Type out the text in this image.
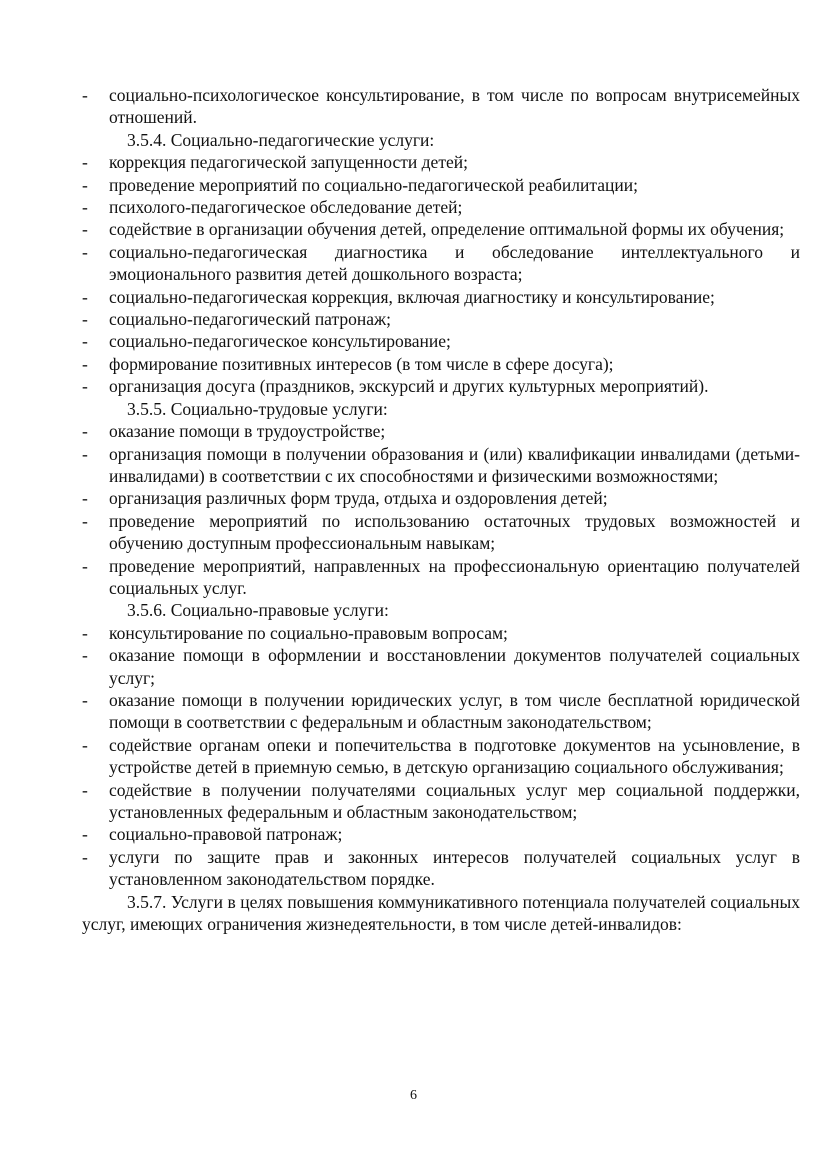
- социально-психологическое консультирование, в том числе по вопросам внутрисемейных отношений.
3.5.4. Социально-педагогические услуги:
- коррекция педагогической запущенности детей;
- проведение мероприятий по социально-педагогической реабилитации;
- психолого-педагогическое обследование детей;
- содействие в организации обучения детей, определение оптимальной формы их обучения;
- социально-педагогическая диагностика и обследование интеллектуального и эмоционального развития детей дошкольного возраста;
- социально-педагогическая коррекция, включая диагностику и консультирование;
- социально-педагогический патронаж;
- социально-педагогическое консультирование;
- формирование позитивных интересов (в том числе в сфере досуга);
- организация досуга (праздников, экскурсий и других культурных мероприятий).
3.5.5. Социально-трудовые услуги:
- оказание помощи в трудоустройстве;
- организация помощи в получении образования и (или) квалификации инвалидами (детьми-инвалидами) в соответствии с их способностями и физическими возможностями;
- организация различных форм труда, отдыха и оздоровления детей;
- проведение мероприятий по использованию остаточных трудовых возможностей и обучению доступным профессиональным навыкам;
- проведение мероприятий, направленных на профессиональную ориентацию получателей социальных услуг.
3.5.6. Социально-правовые услуги:
- консультирование по социально-правовым вопросам;
- оказание помощи в оформлении и восстановлении документов получателей социальных услуг;
- оказание помощи в получении юридических услуг, в том числе бесплатной юридической помощи в соответствии с федеральным и областным законодательством;
- содействие органам опеки и попечительства в подготовке документов на усыновление, в устройстве детей в приемную семью, в детскую организацию социального обслуживания;
- содействие в получении получателями социальных услуг мер социальной поддержки, установленных федеральным и областным законодательством;
- социально-правовой патронаж;
- услуги по защите прав и законных интересов получателей социальных услуг в установленном законодательством порядке.
3.5.7. Услуги в целях повышения коммуникативного потенциала получателей социальных услуг, имеющих ограничения жизнедеятельности, в том числе детей-инвалидов:
6
